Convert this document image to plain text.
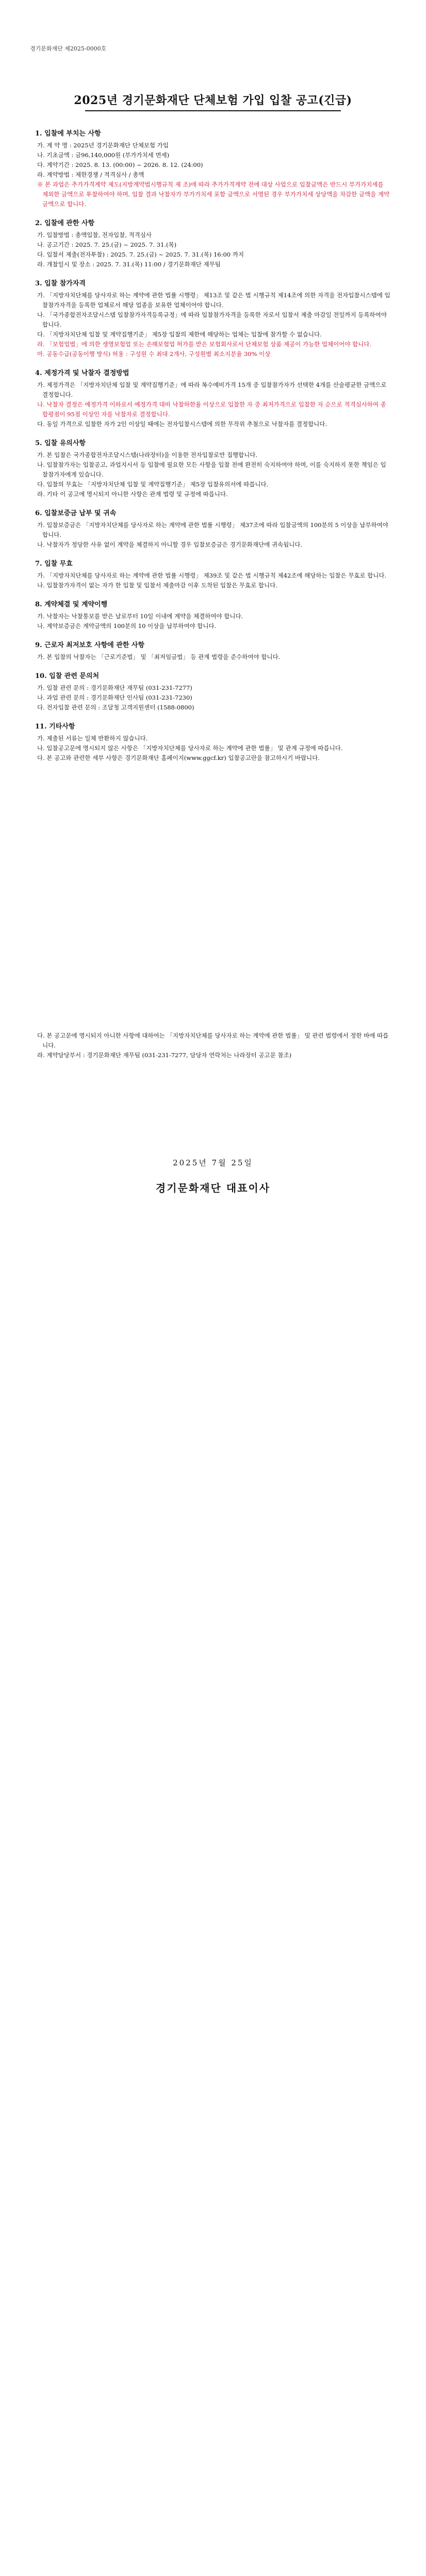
경기문화재단 제2025-0000호
2025년 경기문화재단 단체보험 가입 입찰 공고(긴급)
1. 입찰에 부치는 사항
가. 계 약 명 : 2025년 경기문화재단 단체보험 가입
나. 기초금액 : 금96,140,000원 (부가가치세 면세)
다. 계약기간 : 2025. 8. 13. (00:00) ~ 2026. 8. 12. (24:00)
라. 계약방법 : 제한경쟁 / 적격심사 / 총액
※ 본 과업은 추가가격계약 제도(지방계약법시행규칙 제 조)에 따라 추가가격계약 전에 대상 사업으로 입찰금액은 반드시 부가가치세를 제외한 금액으로 투찰하여야 하며, 입찰 결과 낙찰자가 부가가치세 포함 금액으로 서명된 경우 부가가치세 상당액을 차감한 금액을 계약금액으로 합니다.
2. 입찰에 관한 사항
가. 입찰방법 : 총액입찰, 전자입찰, 적격심사
나. 공고기간 : 2025. 7. 25.(금) ~ 2025. 7. 31.(목)
다. 입찰서 제출(전자투찰) : 2025. 7. 25.(금) ~ 2025. 7. 31.(목) 16:00 까지
라. 개찰일시 및 장소 : 2025. 7. 31.(목) 11:00 / 경기문화재단 재무팀
3. 입찰 참가자격
가. 「지방자치단체를 당사자로 하는 계약에 관한 법률 시행령」 제13조 및 같은 법 시행규칙 제14조에 의한 자격을 전자입찰시스템에 입찰참가자격을 등록한 업체로서 해당 업종을 보유한 업체이어야 합니다.
나. 「국가종합전자조달시스템 입찰참가자격등록규정」에 따라 입찰참가자격을 등록한 자로서 입찰서 제출 마감일 전일까지 등록하여야 합니다.
다. 「지방자치단체 입찰 및 계약집행기준」 제5장 입찰의 제한에 해당하는 업체는 입찰에 참가할 수 없습니다.
라. 「보험업법」에 의한 생명보험업 또는 손해보험업 허가를 받은 보험회사로서 단체보험 상품 제공이 가능한 업체이어야 합니다.
마. 공동수급(공동이행 방식) 허용 : 구성원 수 최대 2개사, 구성원별 최소지분율 30% 이상
4. 제정가격 및 낙찰자 결정방법
가. 제정가격은 「지방자치단체 입찰 및 계약집행기준」에 따라 복수예비가격 15개 중 입찰참가자가 선택한 4개를 산술평균한 금액으로 결정합니다.
나. 낙찰자 결정은 예정가격 이하로서 예정가격 대비 낙찰하한율 이상으로 입찰한 자 중 최저가격으로 입찰한 자 순으로 적격심사하여 종합평점이 95점 이상인 자를 낙찰자로 결정합니다.
다. 동일 가격으로 입찰한 자가 2인 이상일 때에는 전자입찰시스템에 의한 무작위 추첨으로 낙찰자를 결정합니다.
5. 입찰 유의사항
가. 본 입찰은 국가종합전자조달시스템(나라장터)을 이용한 전자입찰로만 집행합니다.
나. 입찰참가자는 입찰공고, 과업지시서 등 입찰에 필요한 모든 사항을 입찰 전에 완전히 숙지하여야 하며, 이를 숙지하지 못한 책임은 입찰참가자에게 있습니다.
다. 입찰의 무효는 「지방자치단체 입찰 및 계약집행기준」 제5장 입찰유의서에 따릅니다.
라. 기타 이 공고에 명시되지 아니한 사항은 관계 법령 및 규정에 따릅니다.
6. 입찰보증금 납부 및 귀속
가. 입찰보증금은 「지방자치단체를 당사자로 하는 계약에 관한 법률 시행령」 제37조에 따라 입찰금액의 100분의 5 이상을 납부하여야 합니다.
나. 낙찰자가 정당한 사유 없이 계약을 체결하지 아니할 경우 입찰보증금은 경기문화재단에 귀속됩니다.
7. 입찰 무효
가. 「지방자치단체를 당사자로 하는 계약에 관한 법률 시행령」 제39조 및 같은 법 시행규칙 제42조에 해당하는 입찰은 무효로 합니다.
나. 입찰참가자격이 없는 자가 한 입찰 및 입찰서 제출마감 이후 도착된 입찰은 무효로 합니다.
8. 계약체결 및 계약이행
가. 낙찰자는 낙찰통보를 받은 날로부터 10일 이내에 계약을 체결하여야 합니다.
나. 계약보증금은 계약금액의 100분의 10 이상을 납부하여야 합니다.
9. 근로자 최저보호 사항에 관한 사항
가. 본 입찰의 낙찰자는 「근로기준법」 및 「최저임금법」 등 관계 법령을 준수하여야 합니다.
10. 입찰 관련 문의처
가. 입찰 관련 문의 : 경기문화재단 재무팀 (031-231-7277)
나. 과업 관련 문의 : 경기문화재단 인사팀 (031-231-7230)
다. 전자입찰 관련 문의 : 조달청 고객지원센터 (1588-0800)
11. 기타사항
가. 제출된 서류는 일체 반환하지 않습니다.
나. 입찰공고문에 명시되지 않은 사항은 「지방자치단체를 당사자로 하는 계약에 관한 법률」 및 관계 규정에 따릅니다.
다. 본 공고와 관련한 세부 사항은 경기문화재단 홈페이지(www.ggcf.kr) 입찰공고란을 참고하시기 바랍니다.
다. 본 공고문에 명시되지 아니한 사항에 대하여는 「지방자치단체를 당사자로 하는 계약에 관한 법률」 및 관련 법령에서 정한 바에 따릅니다.
라. 계약담당부서 : 경기문화재단 재무팀 (031-231-7277, 담당자 연락처는 나라장터 공고문 참조)
2025년 7월 25일
경기문화재단 대표이사
